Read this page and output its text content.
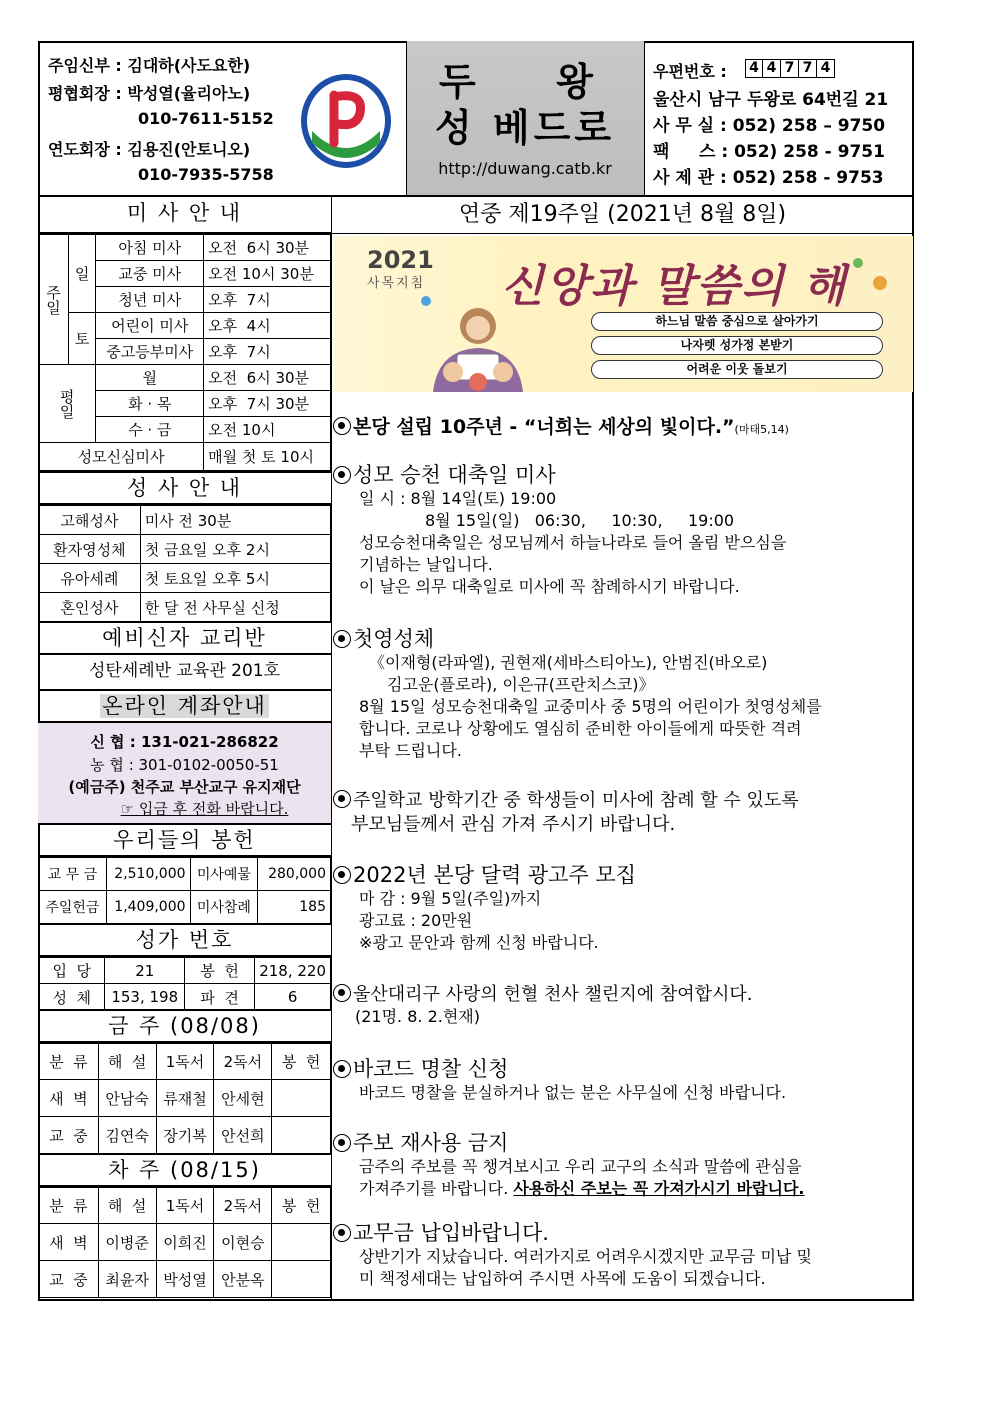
주임신부 : 김대하(사도요한)
평협회장 : 박성열(율리아노)
010-7611-5152
연도회장 : 김용진(안토니오)
010-7935-5758
두  왕
성 베드로
http://duwang.catb.kr
우편번호 : 4 4 7 7 4
울산시 남구 두왕로 64번길 21
사 무 실 : 052) 258 – 9750
팩     스 : 052) 258 - 9751
사 제 관 : 052) 258 - 9753
연중 제19주일 (2021년 8월 8일)
2021
사목지침 신앙과 말씀의 해
하느님 말씀 중심으로 살아가기
나자렛 성가정 본받기
어려운 이웃 돌보기
본당 설립 10주년 - “너희는 세상의 빛이다.”(마태5,14)
성모 승천 대축일 미사
일 시 : 8월 14일(토) 19:00
8월 15일(일)   06:30,     10:30,     19:00
성모승천대축일은 성모님께서 하늘나라로 들어 올림 받으심을
기념하는 날입니다.
이 날은 의무 대축일로 미사에 꼭 참례하시기 바랍니다.
첫영성체
《이재형(라파엘), 권현재(세바스티아노), 안범진(바오로)
김고운(플로라), 이은규(프란치스코)》
8월 15일 성모승천대축일 교중미사 중 5명의 어린이가 첫영성체를
합니다. 코로나 상황에도 열심히 준비한 아이들에게 따뜻한 격려
부탁 드립니다.
주일학교 방학기간 중 학생들이 미사에 참례 할 수 있도록
부모님들께서 관심 가져 주시기 바랍니다.
2022년 본당 달력 광고주 모집
마 감 : 9월 5일(주일)까지
광고료 : 20만원
※광고 문안과 함께 신청 바랍니다.
울산대리구 사랑의 헌혈 천사 챌린지에 참여합시다.
(21명. 8. 2.현재)
바코드 명찰 신청
바코드 명찰을 분실하거나 없는 분은 사무실에 신청 바랍니다.
주보 재사용 금지
금주의 주보를 꼭 챙겨보시고 우리 교구의 소식과 말씀에 관심을
가져주기를 바랍니다. 사용하신 주보는 꼭 가져가시기 바랍니다.
교무금 납입바랍니다.
상반기가 지났습니다. 여러가지로 어려우시겠지만 교무금 미납 및
미 책정세대는 납입하여 주시면 사목에 도움이 되겠습니다.
미 사 안 내
주일	일	아침 미사	오전  6시 30분
		교중 미사	오전 10시 30분
		청년 미사	오후  7시
	토	어린이 미사	오후  4시
		중고등부미사	오후  7시
평일		월	오전  6시 30분
		화 · 목	오후  7시 30분
		수 · 금	오전 10시
성모신심미사			매월 첫 토 10시
성 사 안 내
고해성사	미사 전 30분
환자영성체	첫 금요일 오후 2시
유아세례	첫 토요일 오후 5시
혼인성사	한 달 전 사무실 신청
예비신자 교리반
성탄세례반 교육관 201호
온라인 계좌안내
신 협 : 131-021-286822
농 협 : 301-0102-0050-51
(예금주) 천주교 부산교구 유지재단
☞ 입금 후 전화 바랍니다.
우리들의 봉헌
교 무 금	2,510,000	미사예물	280,000
주일헌금	1,409,000	미사참례	185
성가 번호
입  당	21	봉  헌	218, 220
성  체	153, 198	파  견	6
금 주 (08/08)
분  류	해  설	1독서	2독서	봉  헌
새  벽	안남숙	류재철	안세현	
교  중	김연숙	장기복	안선희	
차 주 (08/15)
분  류	해  설	1독서	2독서	봉  헌
새  벽	이병준	이희진	이현승	
교  중	최윤자	박성열	안분옥	
